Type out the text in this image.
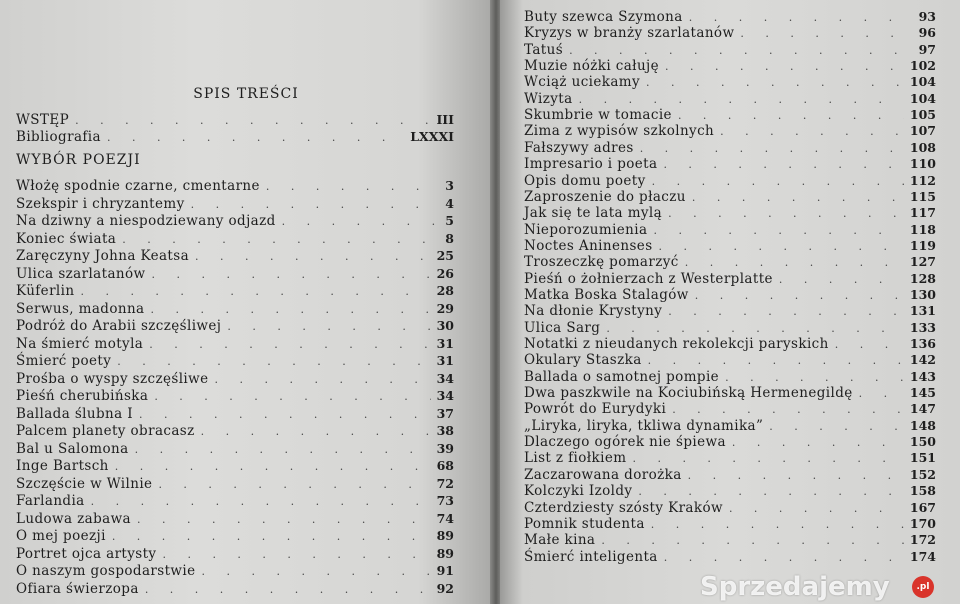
SPIS TREŚCI
WSTĘP . . .	III
Bibliografia . . .	LXXXI
WYBÓR POEZJI
Włożę spodnie czarne, cmentarne . . .	3
Szekspir i chryzantemy . . .	4
Na dziwny a niespodziewany odjazd . . .	5
Koniec świata . . .	8
Zaręczyny Johna Keatsa . . .	25
Ulica szarlatanów . . .	26
Küferlin . . .	28
Serwus, madonna . . .	29
Podróż do Arabii szczęśliwej . . .	30
Na śmierć motyla . . .	31
Śmierć poety . . .	31
Prośba o wyspy szczęśliwe . . .	34
Pieśń cherubińska . . .	34
Ballada ślubna I . . .	37
Palcem planety obracasz . . .	38
Bal u Salomona . . .	39
Inge Bartsch . . .	68
Szczęście w Wilnie . . .	72
Farlandia . . .	73
Ludowa zabawa . . .	74
O mej poezji . . .	89
Portret ojca artysty . . .	89
O naszym gospodarstwie . . .	91
Ofiara świerzopa . . .	92
Buty szewca Szymona . . .	93
Kryzys w branży szarlatanów . . .	96
Tatuś . . .	97
Muzie nóżki całuję . . .	102
Wciąż uciekamy . . .	104
Wizyta . . .	104
Skumbrie w tomacie . . .	105
Zima z wypisów szkolnych . . .	107
Fałszywy adres . . .	108
Impresario i poeta . . .	110
Opis domu poety . . .	112
Zaproszenie do płaczu . . .	115
Jak się te lata mylą . . .	117
Nieporozumienia . . .	118
Noctes Aninenses . . .	119
Troszeczkę pomarzyć . . .	127
Pieśń o żołnierzach z Westerplatte . . .	128
Matka Boska Stalagów . . .	130
Na dłonie Krystyny . . .	131
Ulica Sarg . . .	133
Notatki z nieudanych rekolekcji paryskich . . .	136
Okulary Staszka . . .	142
Ballada o samotnej pompie . . .	143
Dwa paszkwile na Kociubińską Hermenegildę . . .	145
Powrót do Eurydyki . . .	147
„Liryka, liryka, tkliwa dynamika” . . .	148
Dlaczego ogórek nie śpiewa . . .	150
List z fiołkiem . . .	151
Zaczarowana dorożka . . .	152
Kolczyki Izoldy . . .	158
Czterdziesty szósty Kraków . . .	167
Pomnik studenta . . .	170
Małe kina . . .	172
Śmierć inteligenta . . .	174
Sprzedajemy	.pl
